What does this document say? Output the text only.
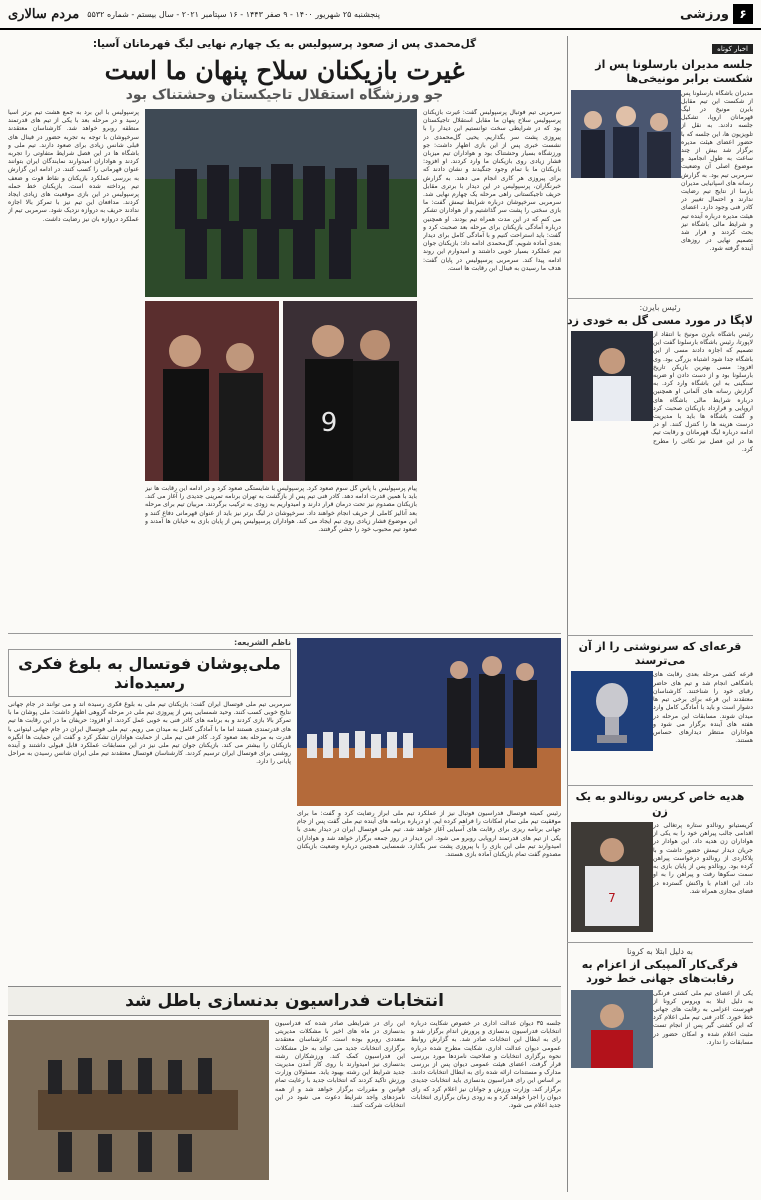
۶
ورزشی
پنجشنبه ۲۵ شهریور ۱۴۰۰ - ۹ صفر ۱۴۴۳ - ۱۶ سپتامبر ۲۰۲۱ - سال بیستم - شماره ۵۵۳۲
مردم سالاری
اخبار کوتاه
جلسه مدیران بارسلونا پس از شکست برابر مونیخی‌ها
مدیران باشگاه بارسلونا پس از شکست این تیم مقابل بایرن مونیخ در لیگ قهرمانان اروپا، تشکیل جلسه دادند. به نقل از تلویزیون ها، این جلسه که با حضور اعضای هیئت مدیره برگزار شد بیش از چند ساعت به طول انجامید و موضوع اصلی آن وضعیت سرمربی تیم بود. به گزارش رسانه های اسپانیایی مدیران بارسا از نتایج تیم رضایت ندارند و احتمال تغییر در کادر فنی وجود دارد. اعضای هیئت مدیره درباره آینده تیم و شرایط مالی باشگاه نیز بحث کردند و قرار شد تصمیم نهایی در روزهای آینده گرفته شود.
رئیس بایرن:
لاپگا در مورد مسی گل به خودی زد
رئیس باشگاه بایرن مونیخ با انتقاد از لاپورتا، رئیس باشگاه بارسلونا گفت این تصمیم که اجازه دادند مسی از این باشگاه جدا شود اشتباه بزرگی بود. وی افزود: مسی بهترین بازیکن تاریخ بارسلونا بود و از دست دادن او ضربه سنگینی به این باشگاه وارد کرد. به گزارش رسانه های آلمانی او همچنین درباره شرایط مالی باشگاه های اروپایی و قرارداد بازیکنان صحبت کرد و گفت باشگاه ها باید با مدیریت درست هزینه ها را کنترل کنند. او در ادامه درباره لیگ قهرمانان و رقابت تیم ها در این فصل نیز نکاتی را مطرح کرد.
قرعه‌ای که سرنوشتی را از آن می‌ترسند
قرعه کشی مرحله بعدی رقابت های باشگاهی انجام شد و تیم های حاضر رقبای خود را شناختند. کارشناسان معتقدند این قرعه برای برخی تیم ها دشوار است و باید با آمادگی کامل وارد میدان شوند. مسابقات این مرحله در هفته های آینده برگزار می شود و هواداران منتظر دیدارهای حساس هستند.
هدیه خاص کریس رونالدو به یک زن
7
کریستیانو رونالدو ستاره پرتغالی در اقدامی جالب پیراهن خود را به یکی از هواداران زن هدیه داد. این هوادار در جریان دیدار تیمش حضور داشت و با پلاکاردی از رونالدو درخواست پیراهن کرده بود. رونالدو پس از پایان بازی به سمت سکوها رفت و پیراهن را به او داد. این اقدام با واکنش گسترده در فضای مجازی همراه شد.
به دلیل ابتلا به کرونا
فرگی‌کار آلمپیکی از اعزام به رقابت‌های جهانی خط خورد
یکی از اعضای تیم ملی کشتی فرنگی به دلیل ابتلا به ویروس کرونا از فهرست اعزامی به رقابت های جهانی خط خورد. کادر فنی تیم ملی اعلام کرد که این کشتی گیر پس از انجام تست مثبت اعلام شده و امکان حضور در مسابقات را ندارد.
گل‌محمدی پس از صعود پرسپولیس به یک چهارم نهایی لیگ قهرمانان آسیا:
غیرت بازیکنان سلاح پنهان ما است
جو ورزشگاه استقلال تاجیکستان وحشتناک بود
سرمربی تیم فوتبال پرسپولیس گفت: غیرت بازیکنان پرسپولیس سلاح پنهان ما مقابل استقلال تاجیکستان بود که در شرایطی سخت توانستیم این دیدار را با پیروزی پشت سر بگذاریم. یحیی گل‌محمدی در نشست خبری پس از این بازی اظهار داشت: جو ورزشگاه بسیار وحشتناک بود و هواداران تیم میزبان فشار زیادی روی بازیکنان ما وارد کردند. او افزود: بازیکنان ما با تمام وجود جنگیدند و نشان دادند که برای پیروزی هر کاری انجام می دهند. به گزارش خبرنگاران، پرسپولیس در این دیدار با برتری مقابل حریف تاجیکستانی راهی مرحله یک چهارم نهایی شد. سرمربی سرخپوشان درباره شرایط تیمش گفت: ما بازی سختی را پشت سر گذاشتیم و از هواداران تشکر می کنم که در این مدت همراه تیم بودند. او همچنین درباره آمادگی بازیکنان برای مرحله بعد صحبت کرد و گفت: باید استراحت کنیم و با آمادگی کامل برای دیدار بعدی آماده شویم. گل‌محمدی ادامه داد: بازیکنان جوان تیم عملکرد بسیار خوبی داشتند و امیدوارم این روند ادامه پیدا کند. سرمربی پرسپولیس در پایان گفت: هدف ما رسیدن به فینال این رقابت ها است.
9
پیام پرسپولیس با پاس گل سوم صعود کرد. پرسپولیس با شایستگی صعود کرد و در ادامه این رقابت ها نیز باید با همین قدرت ادامه دهد. کادر فنی تیم پس از بازگشت به تهران برنامه تمرینی جدیدی را آغاز می کند. بازیکنان مصدوم نیز تحت درمان قرار دارند و امیدواریم به زودی به ترکیب برگردند. مربیان تیم برای مرحله بعد آنالیز کاملی از حریف انجام خواهند داد. سرخپوشان در لیگ برتر نیز باید از عنوان قهرمانی دفاع کنند و این موضوع فشار زیادی روی تیم ایجاد می کند. هواداران پرسپولیس پس از پایان بازی به خیابان ها آمدند و صعود تیم محبوب خود را جشن گرفتند.
پرسپولیس با این برد به جمع هشت تیم برتر آسیا رسید و در مرحله بعد با یکی از تیم های قدرتمند منطقه روبرو خواهد شد. کارشناسان معتقدند سرخپوشان با توجه به تجربه حضور در فینال های قبلی شانس زیادی برای صعود دارند. تیم ملی و باشگاه ها در این فصل شرایط متفاوتی را تجربه کردند و هواداران امیدوارند نمایندگان ایران بتوانند عنوان قهرمانی را کسب کنند. در ادامه این گزارش به بررسی عملکرد بازیکنان و نقاط قوت و ضعف تیم پرداخته شده است. بازیکنان خط حمله پرسپولیس در این بازی موقعیت های زیادی ایجاد کردند. مدافعان این تیم نیز با تمرکز بالا اجازه ندادند حریف به دروازه نزدیک شود. سرمربی تیم از عملکرد دروازه بان نیز رضایت داشت.
رئیس کمیته فوتسال فدراسیون فوتبال نیز از عملکرد تیم ملی ابراز رضایت کرد و گفت: ما برای موفقیت تیم ملی تمام امکانات را فراهم کرده ایم. او درباره برنامه های آینده تیم ملی گفت پس از جام جهانی برنامه ریزی برای رقابت های آسیایی آغاز خواهد شد. تیم ملی فوتسال ایران در دیدار بعدی با یکی از تیم های قدرتمند اروپایی روبرو می شود. این دیدار در روز جمعه برگزار خواهد شد و هواداران امیدوارند تیم ملی این بازی را با پیروزی پشت سر بگذارد. شمسایی همچنین درباره وضعیت بازیکنان مصدوم گفت تمام بازیکنان آماده بازی هستند.
ناظم الشریعه:
ملی‌پوشان فوتسال به بلوغ فکری رسیده‌اند
سرمربی تیم ملی فوتسال ایران گفت: بازیکنان تیم ملی به بلوغ فکری رسیده اند و می توانند در جام جهانی نتایج خوبی کسب کنند. وحید شمسایی پس از پیروزی تیم ملی در مرحله گروهی اظهار داشت: ملی پوشان ما با تمرکز بالا بازی کردند و به برنامه های کادر فنی به خوبی عمل کردند. او افزود: حریفان ما در این رقابت ها تیم های قدرتمندی هستند اما ما با آمادگی کامل به میدان می رویم. تیم ملی فوتسال ایران در جام جهانی لیتوانی با قدرت به مرحله بعد صعود کرد. کادر فنی تیم ملی از حمایت هواداران تشکر کرد و گفت این حمایت ها انگیزه بازیکنان را بیشتر می کند. بازیکنان جوان تیم ملی نیز در این مسابقات عملکرد قابل قبولی داشتند و آینده روشنی برای فوتسال ایران ترسیم کردند. کارشناسان فوتسال معتقدند تیم ملی ایران شانس رسیدن به مراحل پایانی را دارد.
انتخابات فدراسیون بدنسازی باطل شد
جلسه ۳۵ دیوان عدالت اداری در خصوص شکایت درباره انتخابات فدراسیون بدنسازی و پرورش اندام برگزار شد و رای به ابطال این انتخابات صادر شد. به گزارش روابط عمومی دیوان عدالت اداری، شکایت مطرح شده درباره نحوه برگزاری انتخابات و صلاحیت نامزدها مورد بررسی قرار گرفت. اعضای هیئت عمومی دیوان پس از بررسی مدارک و مستندات ارائه شده رای به ابطال انتخابات دادند. بر اساس این رای فدراسیون بدنسازی باید انتخابات جدیدی برگزار کند. وزارت ورزش و جوانان نیز اعلام کرد که رای دیوان را اجرا خواهد کرد و به زودی زمان برگزاری انتخابات جدید اعلام می شود.
این رای در شرایطی صادر شده که فدراسیون بدنسازی در ماه های اخیر با مشکلات مدیریتی متعددی روبرو بوده است. کارشناسان معتقدند برگزاری انتخابات جدید می تواند به حل مشکلات این فدراسیون کمک کند. ورزشکاران رشته بدنسازی نیز امیدوارند با روی کار آمدن مدیریت جدید شرایط این رشته بهبود یابد. مسئولان وزارت ورزش تاکید کردند که انتخابات جدید با رعایت تمام قوانین و مقررات برگزار خواهد شد و از همه نامزدهای واجد شرایط دعوت می شود در این انتخابات شرکت کنند.
